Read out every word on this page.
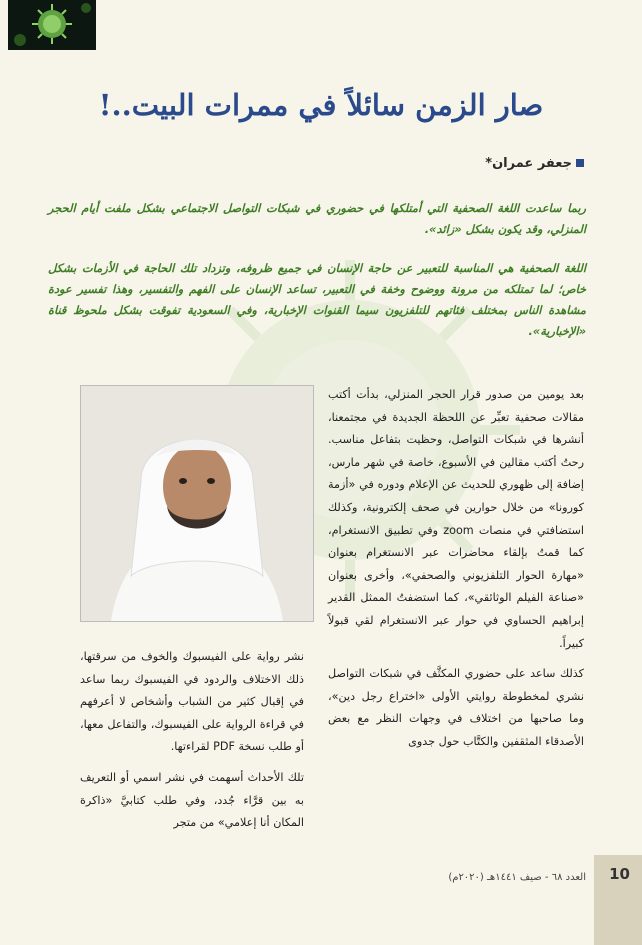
صار الزمن سائلاً في ممرات البيت..!
جعفر عمران*
ربما ساعدت اللغة الصحفية التي أمتلكها في حضوري في شبكات التواصل الاجتماعي بشكل ملفت أيام الحجر المنزلي، وقد يكون بشكل «زائد».
اللغة الصحفية هي المناسبة للتعبير عن حاجة الإنسان في جميع ظروفه، وتزداد تلك الحاجة في الأزمات بشكل خاص؛ لما تمتلكه من مرونة ووضوح وخفة في التعبير، تساعد الإنسان على الفهم والتفسير، وهذا تفسير عودة مشاهدة الناس بمختلف فئاتهم للتلفزيون سيما القنوات الإخبارية، وفي السعودية تفوقت بشكل ملحوظ قناة «الإخبارية».

بعد يومين من صدور قرار الحجر المنزلي، بدأت أكتب مقالات صحفية تعبِّر عن اللحظة الجديدة في مجتمعنا، أنشرها في شبكات التواصل، وحظيت بتفاعل مناسب. رحتُ أكتب مقالين في الأسبوع، خاصة في شهر مارس، إضافة إلى ظهوري للحديث عن الإعلام ودوره في «أزمة كورونا» من خلال حوارين في صحف إلكترونية، وكذلك استضافتي في منصات zoom وفي تطبيق الانستغرام، كما قمتُ بإلقاء محاضرات عبر الانستغرام بعنوان «مهارة الحوار التلفزيوني والصحفي»، وأخرى بعنوان «صناعة الفيلم الوثائقي»، كما استضفتُ الممثل القدير إبراهيم الحساوي في حوار عبر الانستغرام لقي قبولاً كبيراً.

كذلك ساعد على حضوري المكثَّف في شبكات التواصل نشري لمخطوطة روايتي الأولى «اختراع رجل دين»، وما صاحبها من اختلاف في وجهات النظر مع بعض الأصدقاء المثقفين والكتَّاب حول جدوى

نشر رواية على الفيسبوك والخوف من سرقتها، ذلك الاختلاف والردود في الفيسبوك ربما ساعد في إقبال كثير من الشباب وأشخاص لا أعرفهم في قراءة الرواية على الفيسبوك، والتفاعل معها، أو طلب نسخة PDF لقراءتها.

تلك الأحداث أسهمت في نشر اسمي أو التعريف به بين قرَّاء جُدد، وفي طلب كتابيَّ «ذاكرة المكان أنا إعلامي» من متجر

10
العدد ٦٨ - صيف ١٤٤١هـ (٢٠٢٠م)
